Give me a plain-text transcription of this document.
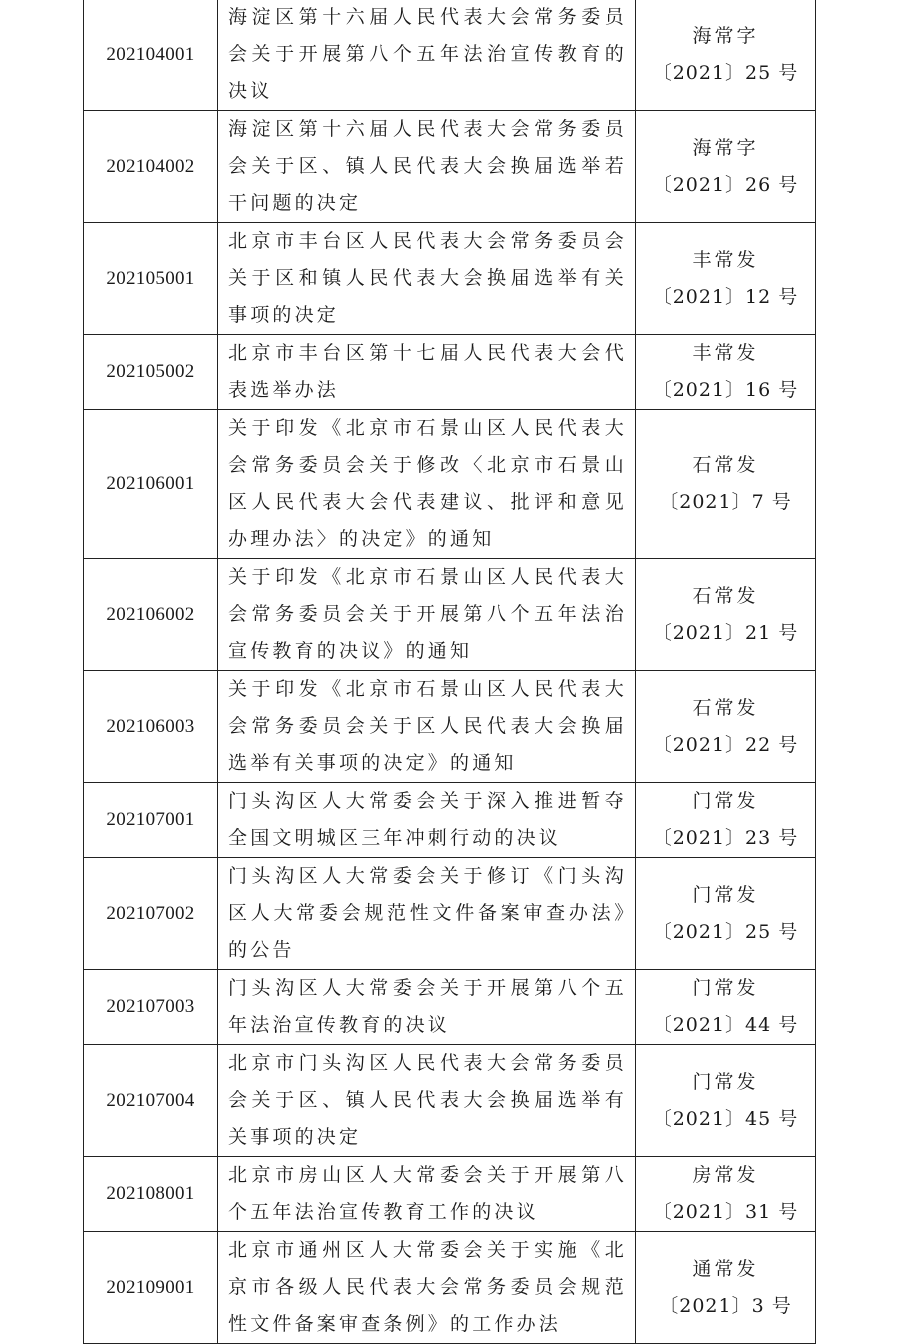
202104001	海淀区第十六届人民代表大会常务委员会关于开展第八个五年法治宣传教育的决议	海常字
〔2021〕25 号

202104002	海淀区第十六届人民代表大会常务委员会关于区、镇人民代表大会换届选举若干问题的决定	海常字
〔2021〕26 号

202105001	北京市丰台区人民代表大会常务委员会关于区和镇人民代表大会换届选举有关事项的决定	丰常发
〔2021〕12 号

202105002	北京市丰台区第十七届人民代表大会代表选举办法	丰常发
〔2021〕16 号

202106001	关于印发《北京市石景山区人民代表大会常务委员会关于修改〈北京市石景山区人民代表大会代表建议、批评和意见办理办法〉的决定》的通知	石常发
〔2021〕7 号

202106002	关于印发《北京市石景山区人民代表大会常务委员会关于开展第八个五年法治宣传教育的决议》的通知	石常发
〔2021〕21 号

202106003	关于印发《北京市石景山区人民代表大会常务委员会关于区人民代表大会换届选举有关事项的决定》的通知	石常发
〔2021〕22 号

202107001	门头沟区人大常委会关于深入推进暂夺全国文明城区三年冲刺行动的决议	门常发
〔2021〕23 号

202107002	门头沟区人大常委会关于修订《门头沟区人大常委会规范性文件备案审查办法》的公告	门常发
〔2021〕25 号

202107003	门头沟区人大常委会关于开展第八个五年法治宣传教育的决议	门常发
〔2021〕44 号

202107004	北京市门头沟区人民代表大会常务委员会关于区、镇人民代表大会换届选举有关事项的决定	门常发
〔2021〕45 号

202108001	北京市房山区人大常委会关于开展第八个五年法治宣传教育工作的决议	房常发
〔2021〕31 号

202109001	北京市通州区人大常委会关于实施《北京市各级人民代表大会常务委员会规范性文件备案审查条例》的工作办法	通常发
〔2021〕3 号
